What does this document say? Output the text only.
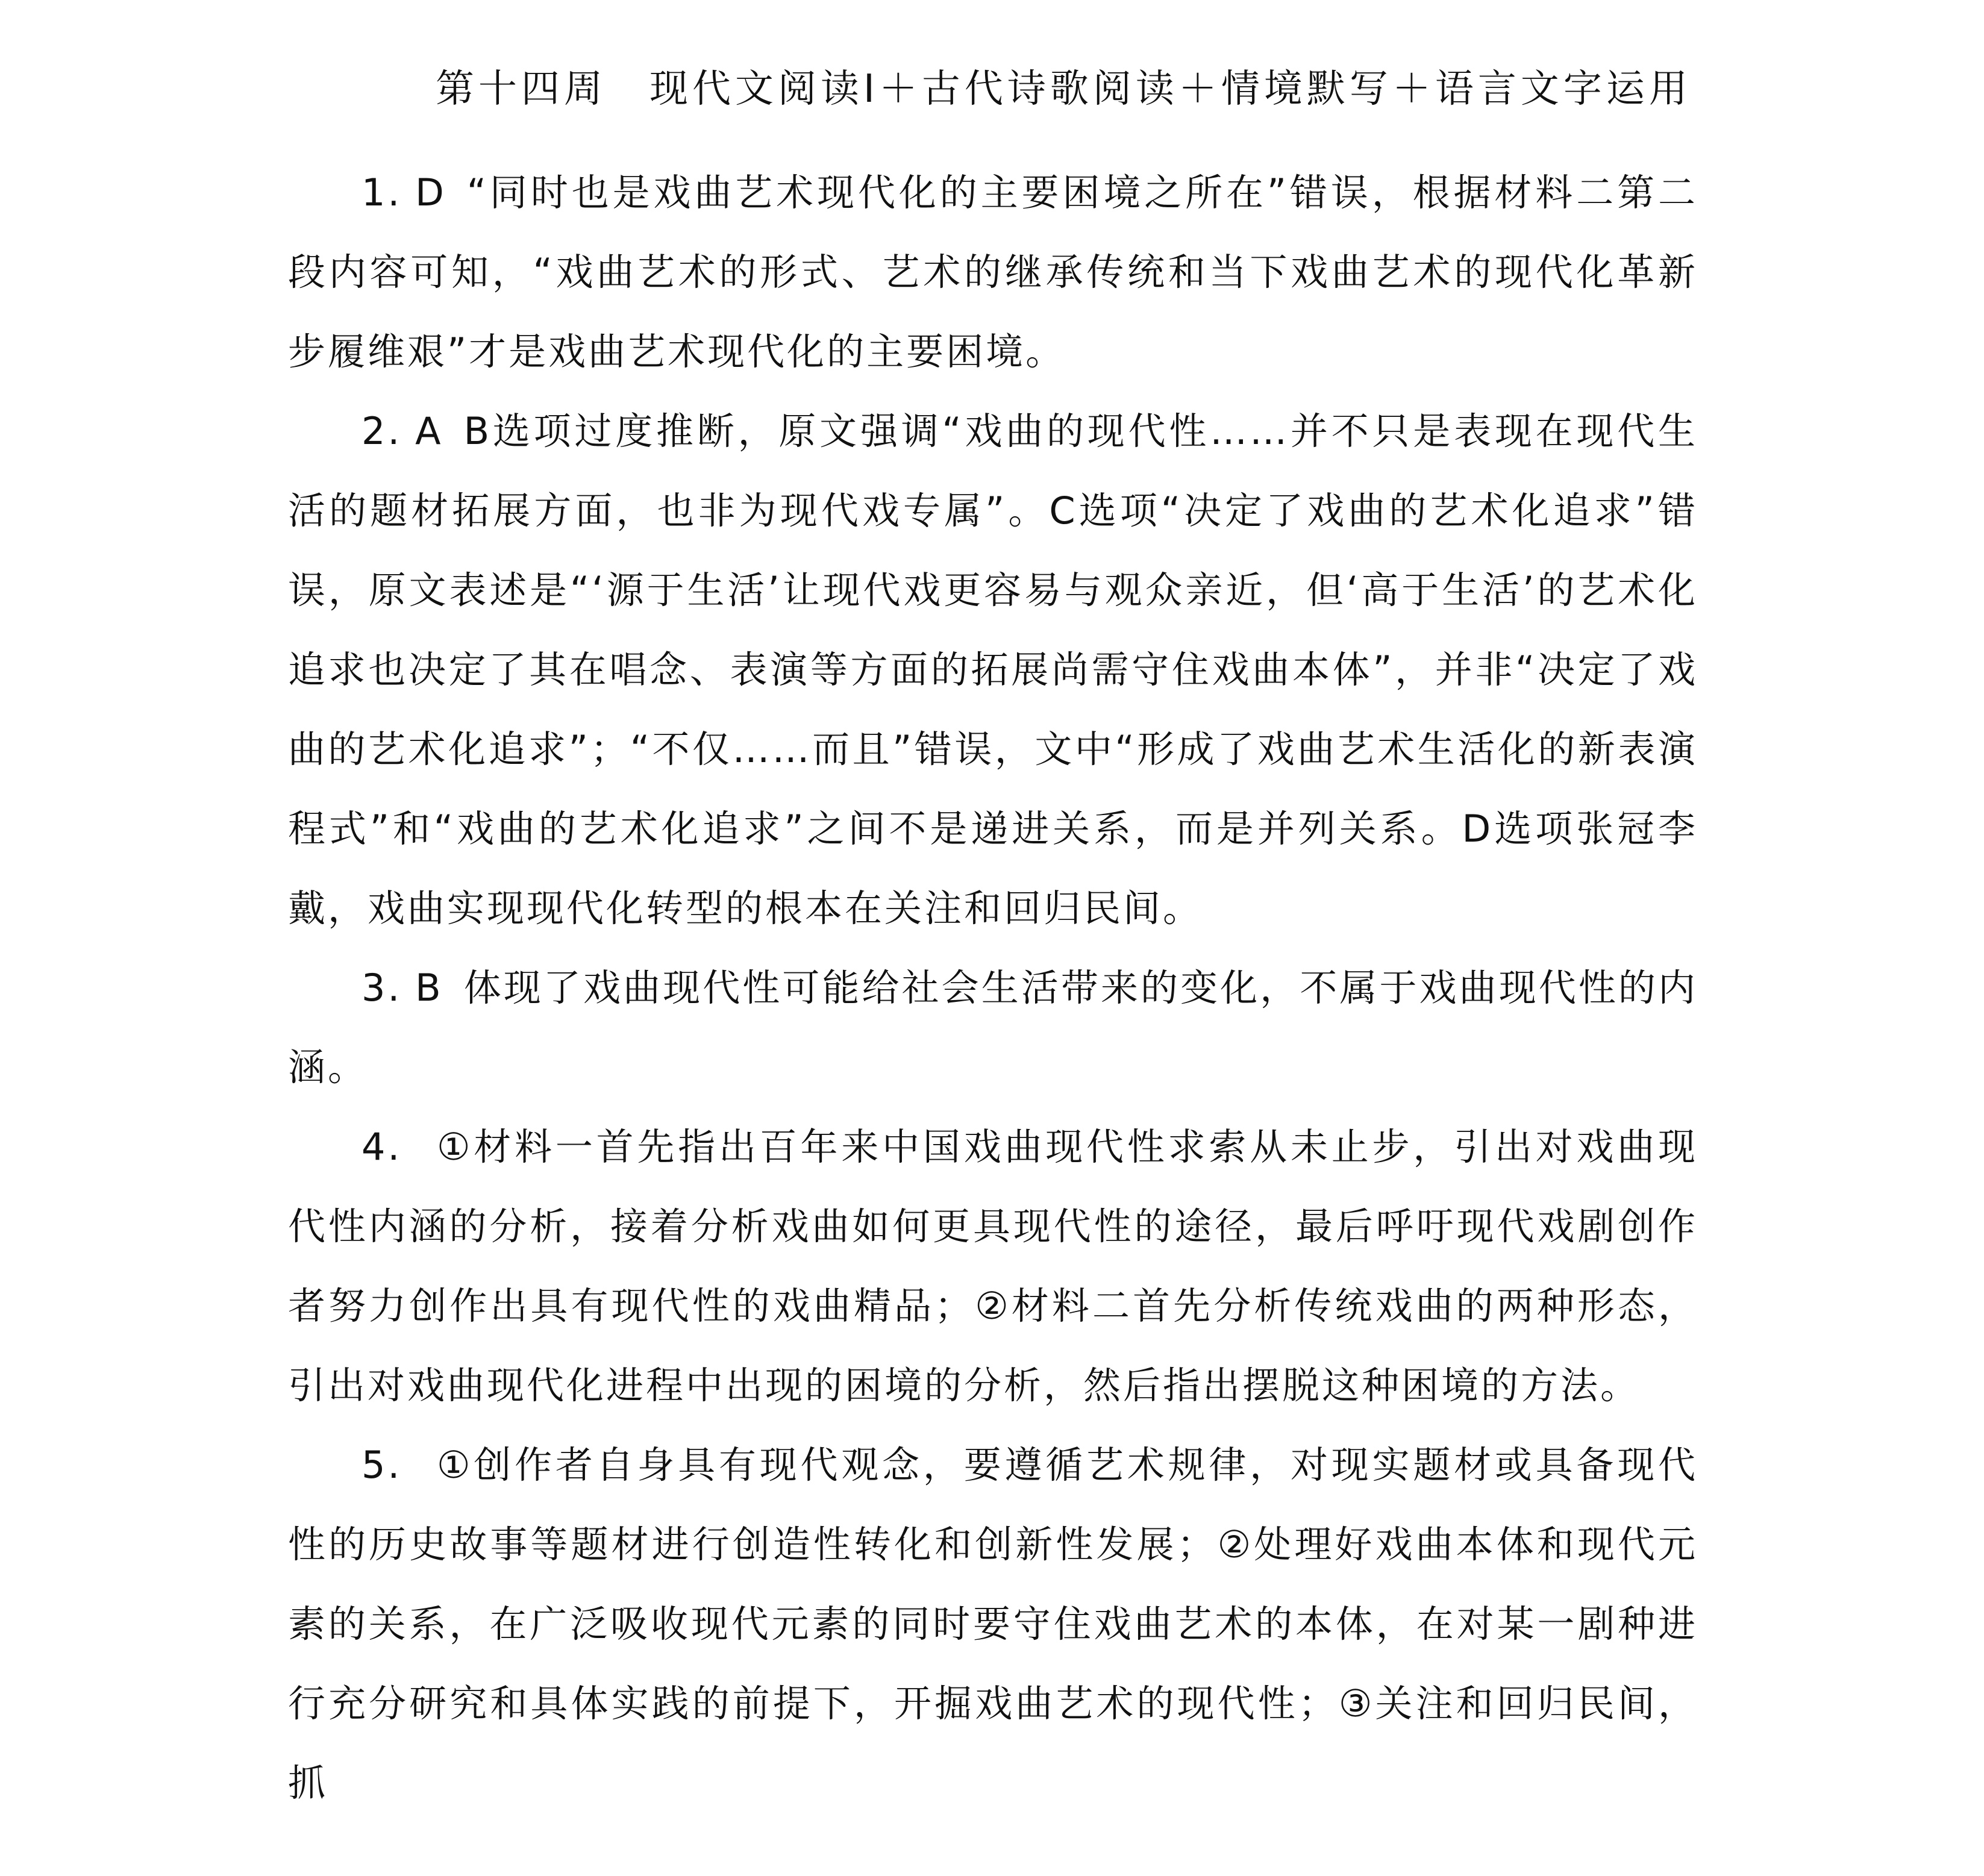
第十四周　现代文阅读Ⅰ＋古代诗歌阅读＋情境默写＋语言文字运用

1. D “同时也是戏曲艺术现代化的主要困境之所在”错误，根据材料二第二段内容可知，“戏曲艺术的形式、艺术的继承传统和当下戏曲艺术的现代化革新步履维艰”才是戏曲艺术现代化的主要困境。

2. A B选项过度推断，原文强调“戏曲的现代性……并不只是表现在现代生活的题材拓展方面，也非为现代戏专属”。C选项“决定了戏曲的艺术化追求”错误，原文表述是“‘源于生活’让现代戏更容易与观众亲近，但‘高于生活’的艺术化追求也决定了其在唱念、表演等方面的拓展尚需守住戏曲本体”，并非“决定了戏曲的艺术化追求”；“不仅……而且”错误，文中“形成了戏曲艺术生活化的新表演程式”和“戏曲的艺术化追求”之间不是递进关系，而是并列关系。D选项张冠李戴，戏曲实现现代化转型的根本在关注和回归民间。

3. B 体现了戏曲现代性可能给社会生活带来的变化，不属于戏曲现代性的内涵。

4. ①材料一首先指出百年来中国戏曲现代性求索从未止步，引出对戏曲现代性内涵的分析，接着分析戏曲如何更具现代性的途径，最后呼吁现代戏剧创作者努力创作出具有现代性的戏曲精品；②材料二首先分析传统戏曲的两种形态，引出对戏曲现代化进程中出现的困境的分析，然后指出摆脱这种困境的方法。

5. ①创作者自身具有现代观念，要遵循艺术规律，对现实题材或具备现代性的历史故事等题材进行创造性转化和创新性发展；②处理好戏曲本体和现代元素的关系，在广泛吸收现代元素的同时要守住戏曲艺术的本体，在对某一剧种进行充分研究和具体实践的前提下，开掘戏曲艺术的现代性；③关注和回归民间，抓
